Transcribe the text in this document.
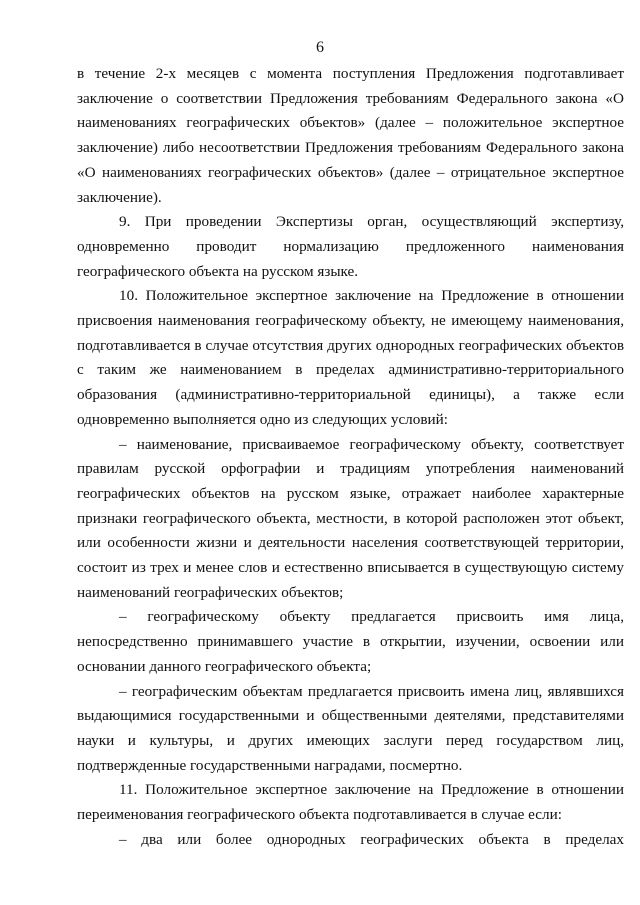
6

в течение 2-х месяцев с момента поступления Предложения подготавливает заключение о соответствии Предложения требованиям Федерального закона «О наименованиях географических объектов» (далее – положительное экспертное заключение) либо несоответствии Предложения требованиям Федерального закона «О наименованиях географических объектов» (далее – отрицательное экспертное заключение).

9. При проведении Экспертизы орган, осуществляющий экспертизу, одновременно проводит нормализацию предложенного наименования географического объекта на русском языке.

10. Положительное экспертное заключение на Предложение в отношении присвоения наименования географическому объекту, не имеющему наименования, подготавливается в случае отсутствия других однородных географических объектов с таким же наименованием в пределах административно-территориального образования (административно-территориальной единицы), а также если одновременно выполняется одно из следующих условий:

– наименование, присваиваемое географическому объекту, соответствует правилам русской орфографии и традициям употребления наименований географических объектов на русском языке, отражает наиболее характерные признаки географического объекта, местности, в которой расположен этот объект, или особенности жизни и деятельности населения соответствующей территории, состоит из трех и менее слов и естественно вписывается в существующую систему наименований географических объектов;

– географическому объекту предлагается присвоить имя лица, непосредственно принимавшего участие в открытии, изучении, освоении или основании данного географического объекта;

– географическим объектам предлагается присвоить имена лиц, являвшихся выдающимися государственными и общественными деятелями, представителями науки и культуры, и других имеющих заслуги перед государством лиц, подтвержденные государственными наградами, посмертно.

11. Положительное экспертное заключение на Предложение в отношении переименования географического объекта подготавливается в случае если:

– два или более однородных географических объекта в пределах
